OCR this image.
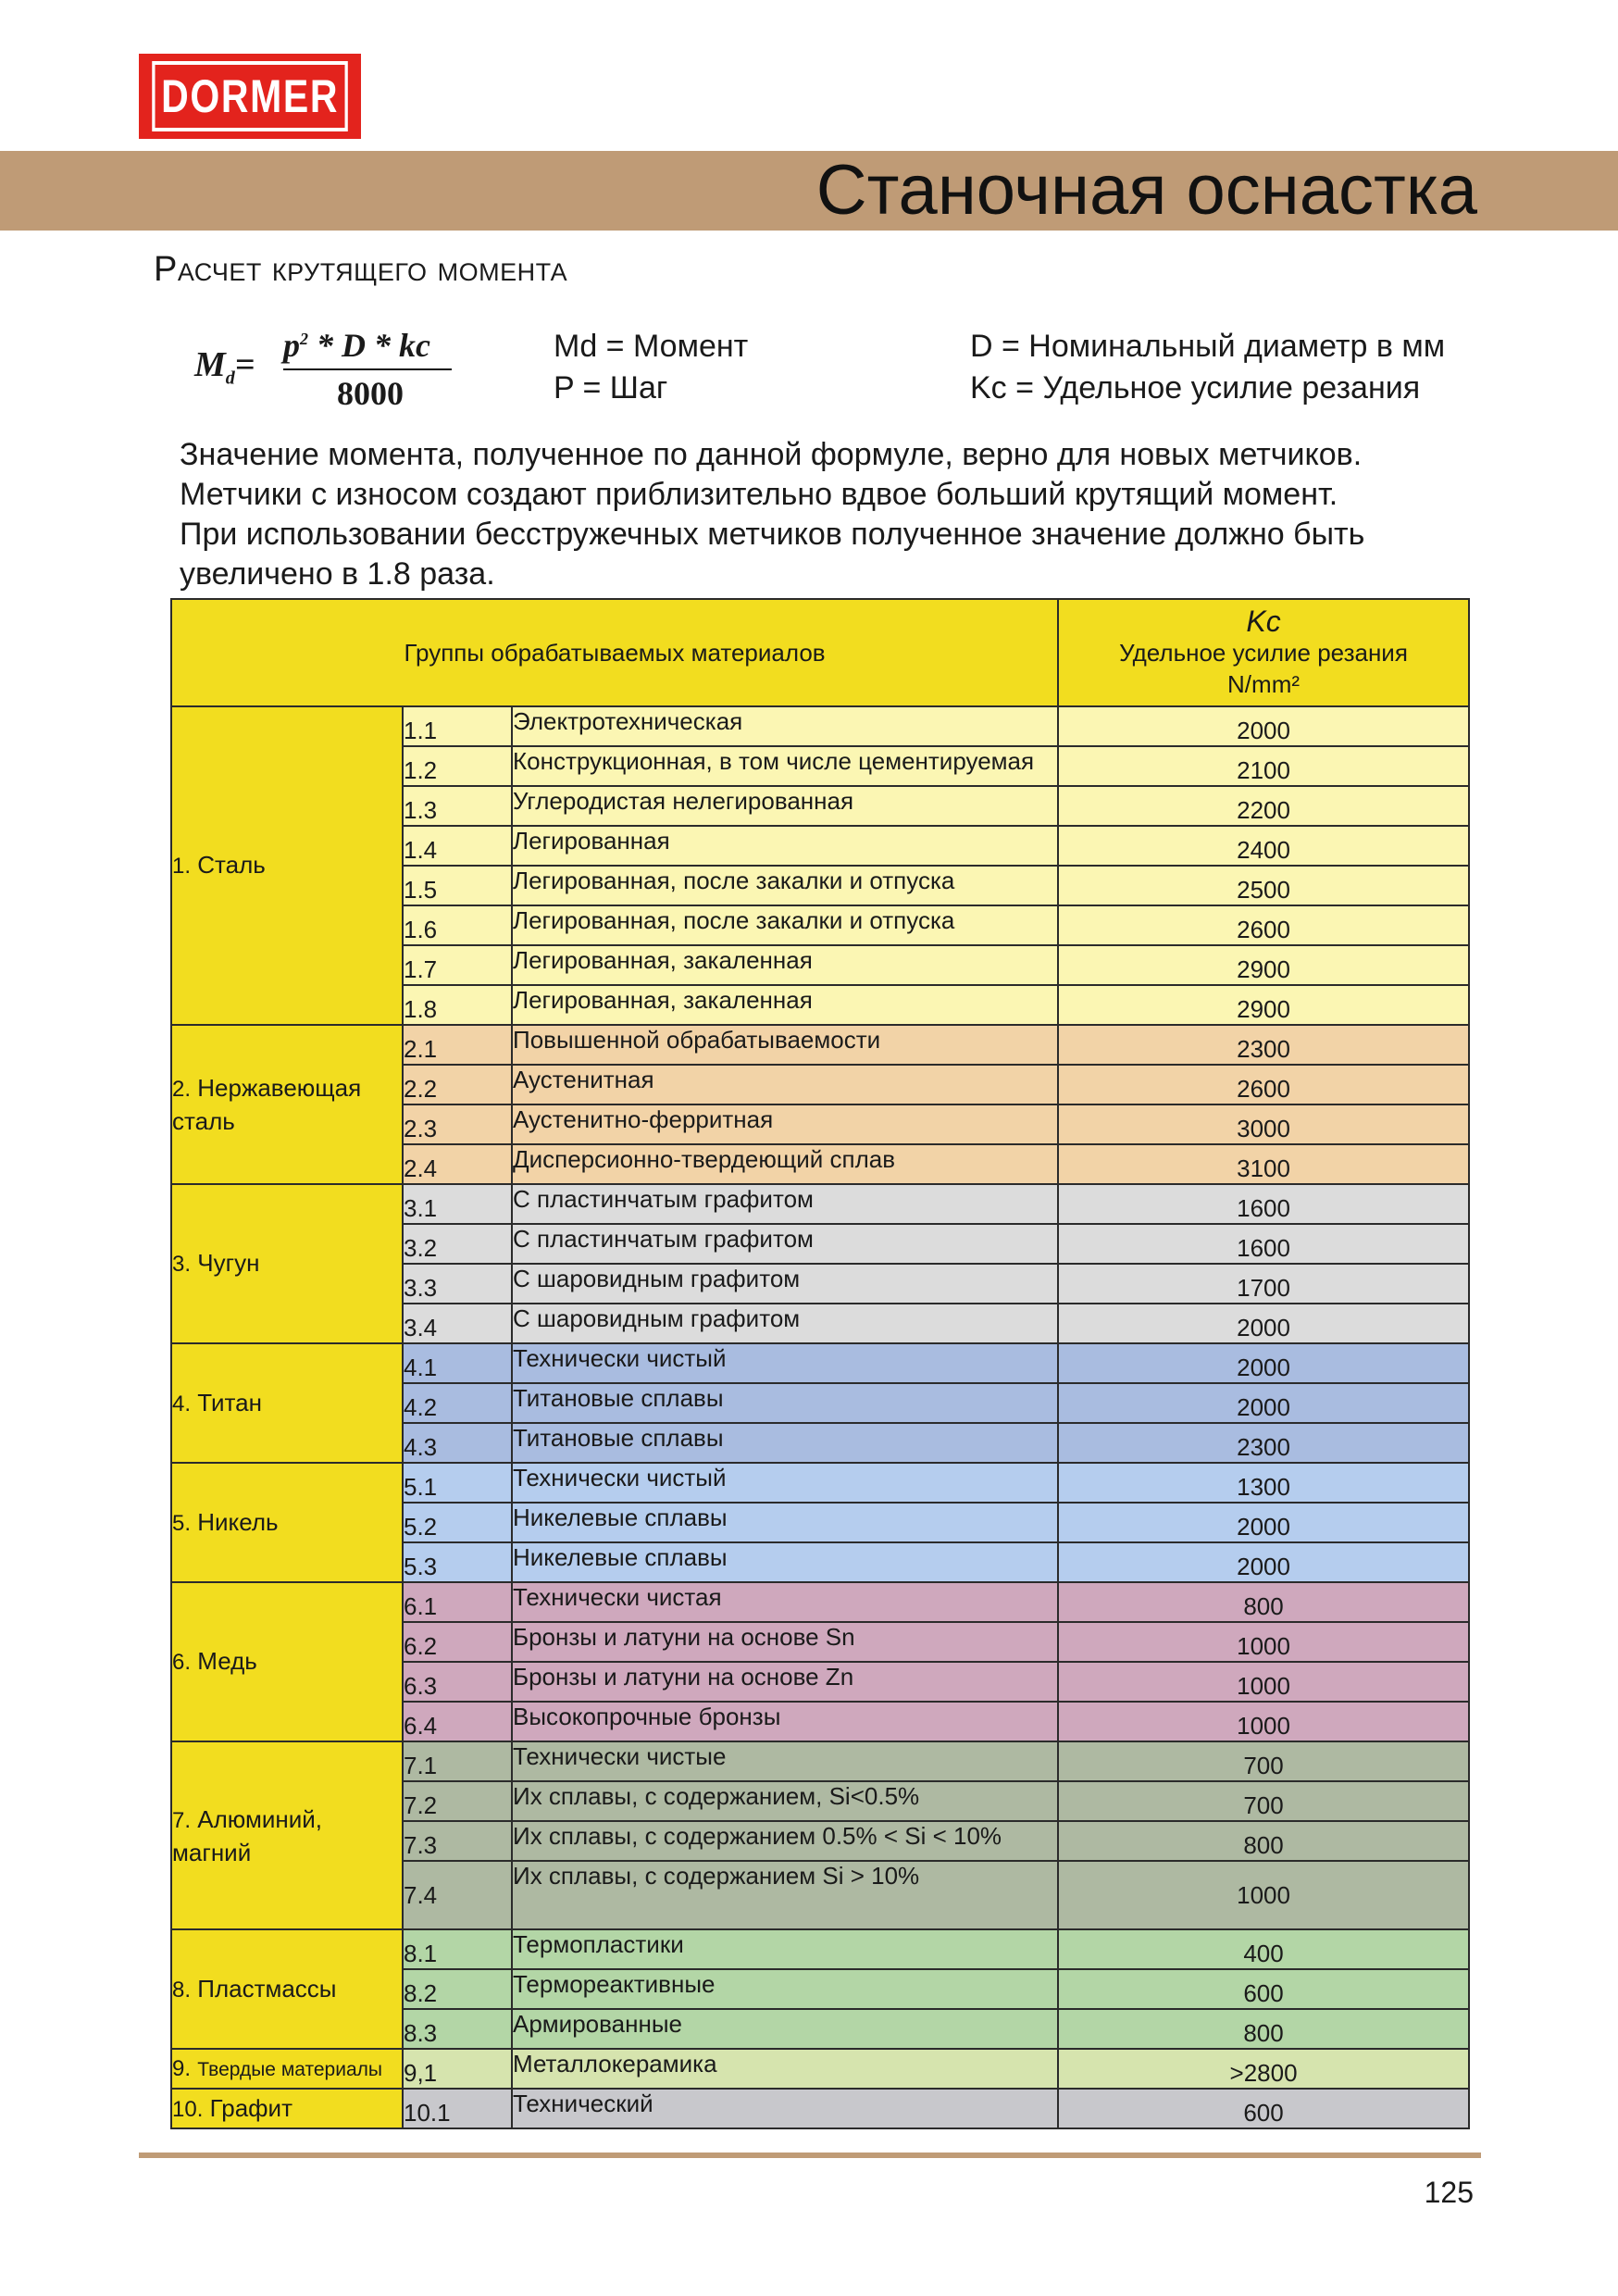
DORMER
Станочная оснастка
Расчет крутящего момента
$M_d= p^2 * D$ * kc
8000
Md = Момент
P = Шаг
D = Номинальный диаметр в мм
Kc = Удельное усилие резания
Значение момента, полученное по данной формуле, верно для новых метчиков.
Метчики с износом создают приблизительно вдвое больший крутящий момент.
При использовании бесстружечных метчиков полученное значение должно быть увеличено в 1.8 раза.
Группы обрабатываемых материалов			Kc
Удельное усилие резания
N/mm²
1. Сталь	1.1	Электротехническая	2000
	1.2	Конструкционная, в том числе цементируемая	2100
	1.3	Углеродистая нелегированная	2200
	1.4	Легированная	2400
	1.5	Легированная, после закалки и отпуска	2500
	1.6	Легированная, после закалки и отпуска	2600
	1.7	Легированная, закаленная	2900
	1.8	Легированная, закаленная	2900
2. Нержавеющая сталь	2.1	Повышенной обрабатываемости	2300
	2.2	Аустенитная	2600
	2.3	Аустенитно-ферритная	3000
	2.4	Дисперсионно-твердеющий сплав	3100
3. Чугун	3.1	С пластинчатым графитом	1600
	3.2	С пластинчатым графитом	1600
	3.3	С шаровидным графитом	1700
	3.4	С шаровидным графитом	2000
4. Титан	4.1	Технически чистый	2000
	4.2	Титановые сплавы	2000
	4.3	Титановые сплавы	2300
5. Никель	5.1	Технически чистый	1300
	5.2	Никелевые сплавы	2000
	5.3	Никелевые сплавы	2000
6. Медь	6.1	Технически чистая	800
	6.2	Бронзы и латуни на основе Sn	1000
	6.3	Бронзы и латуни на основе Zn	1000
	6.4	Высокопрочные бронзы	1000
7. Алюминий, магний	7.1	Технически чистые	700
	7.2	Их сплавы, с содержанием, Si<0.5%	700
	7.3	Их сплавы, с содержанием 0.5% < Si < 10%	800
	7.4	Их сплавы, с содержанием Si > 10%	1000
8. Пластмассы	8.1	Термопластики	400
	8.2	Термореактивные	600
	8.3	Армированные	800
9. Твердые материалы	9,1	Металлокерамика	>2800
10. Графит	10.1	Технический	600
125
